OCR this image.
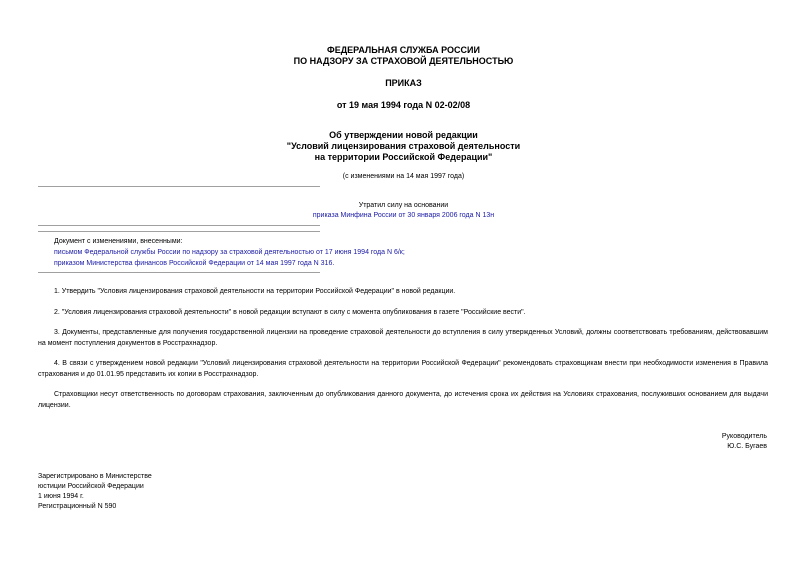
ФЕДЕРАЛЬНАЯ СЛУЖБА РОССИИ
ПО НАДЗОРУ ЗА СТРАХОВОЙ ДЕЯТЕЛЬНОСТЬЮ
ПРИКАЗ
от 19 мая 1994 года N 02-02/08
Об утверждении новой редакции
"Условий лицензирования страховой деятельности
на территории Российской Федерации"
(с изменениями на 14 мая 1997 года)
Утратил силу на основании
приказа Минфина России от 30 января 2006 года N 13н
Документ с изменениями, внесенными:
письмом Федеральной службы России по надзору за страховой деятельностью от 17 июня 1994 года N 6/к;
приказом Министерства финансов Российской Федерации от 14 мая 1997 года N 316.

1. Утвердить "Условия лицензирования страховой деятельности на территории Российской Федерации" в новой редакции.

2. "Условия лицензирования страховой деятельности" в новой редакции вступают в силу с момента опубликования в газете "Российские вести".

3. Документы, представленные для получения государственной лицензии на проведение страховой деятельности до вступления в силу утвержденных Условий, должны соответствовать требованиям, действовавшим на момент поступления документов в Росстрахнадзор.

4. В связи с утверждением новой редакции "Условий лицензирования страховой деятельности на территории Российской Федерации" рекомендовать страховщикам внести при необходимости изменения в Правила страхования и до 01.01.95 представить их копии в Росстрахнадзор.

Страховщики несут ответственность по договорам страхования, заключенным до опубликования данного документа, до истечения срока их действия на Условиях страхования, послуживших основанием для выдачи лицензии.

Руководитель
Ю.С. Бугаев
Зарегистрировано в Министерстве
юстиции Российской Федерации
1 июня 1994 г.
Регистрационный N 590
